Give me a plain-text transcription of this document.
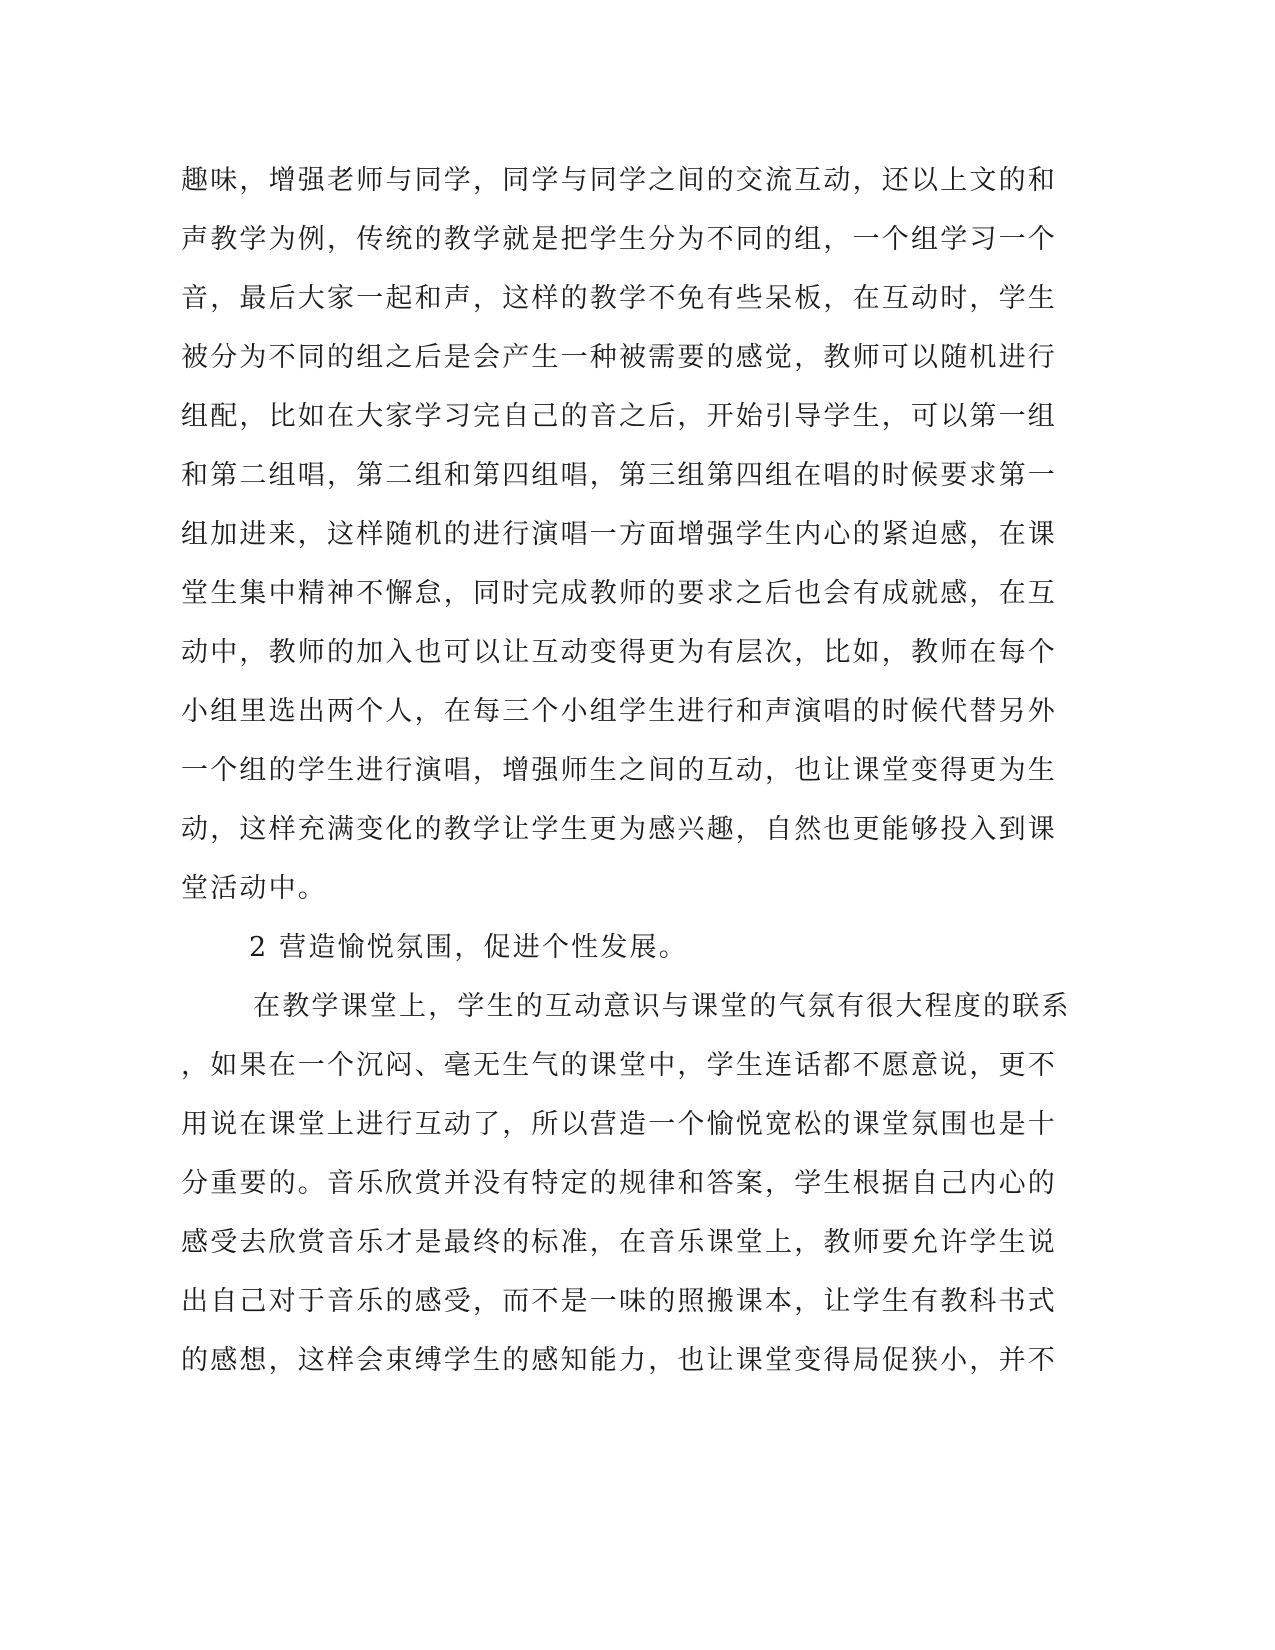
趣味，增强老师与同学，同学与同学之间的交流互动，还以上文的和
声教学为例，传统的教学就是把学生分为不同的组，一个组学习一个
音，最后大家一起和声，这样的教学不免有些呆板，在互动时，学生
被分为不同的组之后是会产生一种被需要的感觉，教师可以随机进行
组配，比如在大家学习完自己的音之后，开始引导学生，可以第一组
和第二组唱，第二组和第四组唱，第三组第四组在唱的时候要求第一
组加进来，这样随机的进行演唱一方面增强学生内心的紧迫感，在课
堂生集中精神不懈怠，同时完成教师的要求之后也会有成就感，在互
动中，教师的加入也可以让互动变得更为有层次，比如，教师在每个
小组里选出两个人，在每三个小组学生进行和声演唱的时候代替另外
一个组的学生进行演唱，增强师生之间的互动，也让课堂变得更为生
动，这样充满变化的教学让学生更为感兴趣，自然也更能够投入到课
堂活动中。
2 营造愉悦氛围，促进个性发展。
在教学课堂上，学生的互动意识与课堂的气氛有很大程度的联系
，如果在一个沉闷、毫无生气的课堂中，学生连话都不愿意说，更不
用说在课堂上进行互动了，所以营造一个愉悦宽松的课堂氛围也是十
分重要的。音乐欣赏并没有特定的规律和答案，学生根据自己内心的
感受去欣赏音乐才是最终的标准，在音乐课堂上，教师要允许学生说
出自己对于音乐的感受，而不是一味的照搬课本，让学生有教科书式
的感想，这样会束缚学生的感知能力，也让课堂变得局促狭小，并不
